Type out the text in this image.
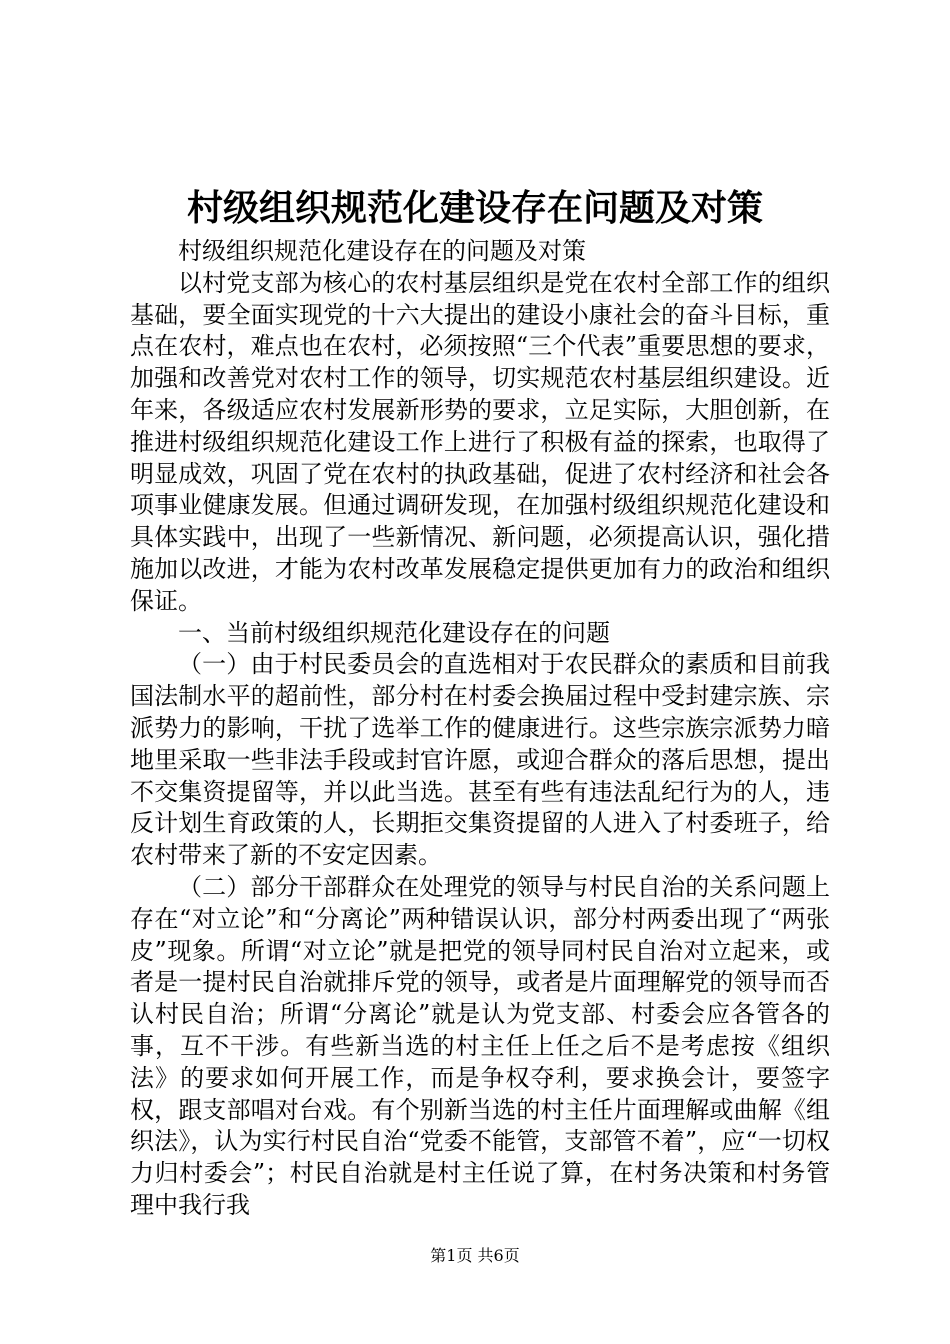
村级组织规范化建设存在问题及对策

村级组织规范化建设存在的问题及对策

以村党支部为核心的农村基层组织是党在农村全部工作的组织基础，要全面实现党的十六大提出的建设小康社会的奋斗目标，重点在农村，难点也在农村，必须按照“三个代表”重要思想的要求，加强和改善党对农村工作的领导，切实规范农村基层组织建设。近年来，各级适应农村发展新形势的要求，立足实际，大胆创新，在推进村级组织规范化建设工作上进行了积极有益的探索，也取得了明显成效，巩固了党在农村的执政基础，促进了农村经济和社会各项事业健康发展。但通过调研发现，在加强村级组织规范化建设和具体实践中，出现了一些新情况、新问题，必须提高认识，强化措施加以改进，才能为农村改革发展稳定提供更加有力的政治和组织保证。

一、当前村级组织规范化建设存在的问题

（一）由于村民委员会的直选相对于农民群众的素质和目前我国法制水平的超前性，部分村在村委会换届过程中受封建宗族、宗派势力的影响，干扰了选举工作的健康进行。这些宗族宗派势力暗地里采取一些非法手段或封官许愿，或迎合群众的落后思想，提出不交集资提留等，并以此当选。甚至有些有违法乱纪行为的人，违反计划生育政策的人，长期拒交集资提留的人进入了村委班子，给农村带来了新的不安定因素。

（二）部分干部群众在处理党的领导与村民自治的关系问题上存在“对立论”和“分离论”两种错误认识，部分村两委出现了“两张皮”现象。所谓“对立论”就是把党的领导同村民自治对立起来，或者是一提村民自治就排斥党的领导，或者是片面理解党的领导而否认村民自治；所谓“分离论”就是认为党支部、村委会应各管各的事，互不干涉。有些新当选的村主任上任之后不是考虑按《组织法》的要求如何开展工作，而是争权夺利，要求换会计，要签字权，跟支部唱对台戏。有个别新当选的村主任片面理解或曲解《组织法》，认为实行村民自治“党委不能管，支部管不着”，应“一切权力归村委会”；村民自治就是村主任说了算，在村务决策和村务管理中我行我

第1页 共6页
